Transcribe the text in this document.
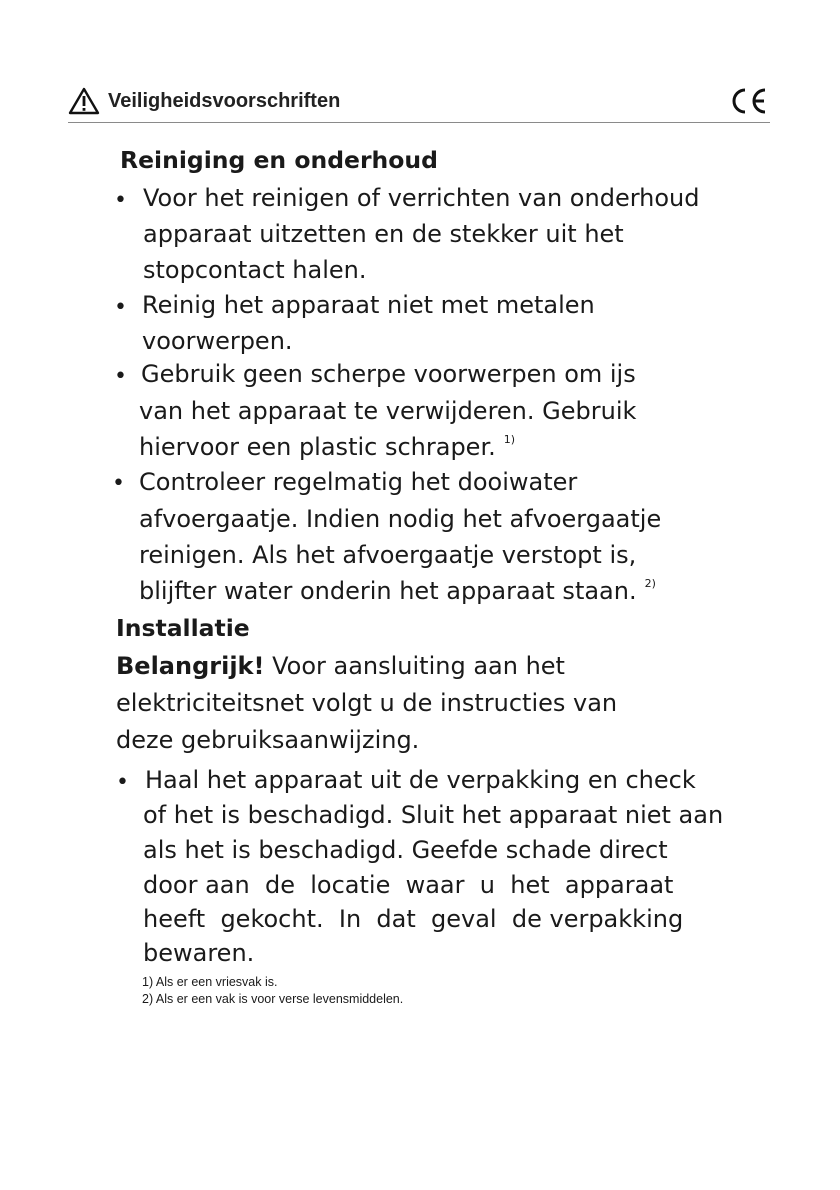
Veiligheidsvoorschriften
Reiniging en onderhoud
• Voor het reinigen of verrichten van onderhoud
apparaat uitzetten en de stekker uit het
stopcontact halen.
• Reinig het apparaat niet met metalen
voorwerpen.
• Gebruik geen scherpe voorwerpen om ijs
van het apparaat te verwijderen. Gebruik
hiervoor een plastic schraper. $^{1)}$
• Controleer regelmatig het dooiwater
afvoergaatje. Indien nodig het afvoergaatje
reinigen. Als het afvoergaatje verstopt is,
blijfter water onderin het apparaat staan. $^{2)}$
Installatie
Belangrijk! Voor aansluiting aan het
elektriciteitsnet volgt u de instructies van
deze gebruiksaanwijzing.
• Haal het apparaat uit de verpakking en check
of het is beschadigd. Sluit het apparaat niet aan
als het is beschadigd. Geefde schade direct
door aan  de  locatie  waar  u  het  apparaat
heeft  gekocht.  In  dat  geval  de verpakking
bewaren.
1) Als er een vriesvak is.
2) Als er een vak is voor verse levensmiddelen.
